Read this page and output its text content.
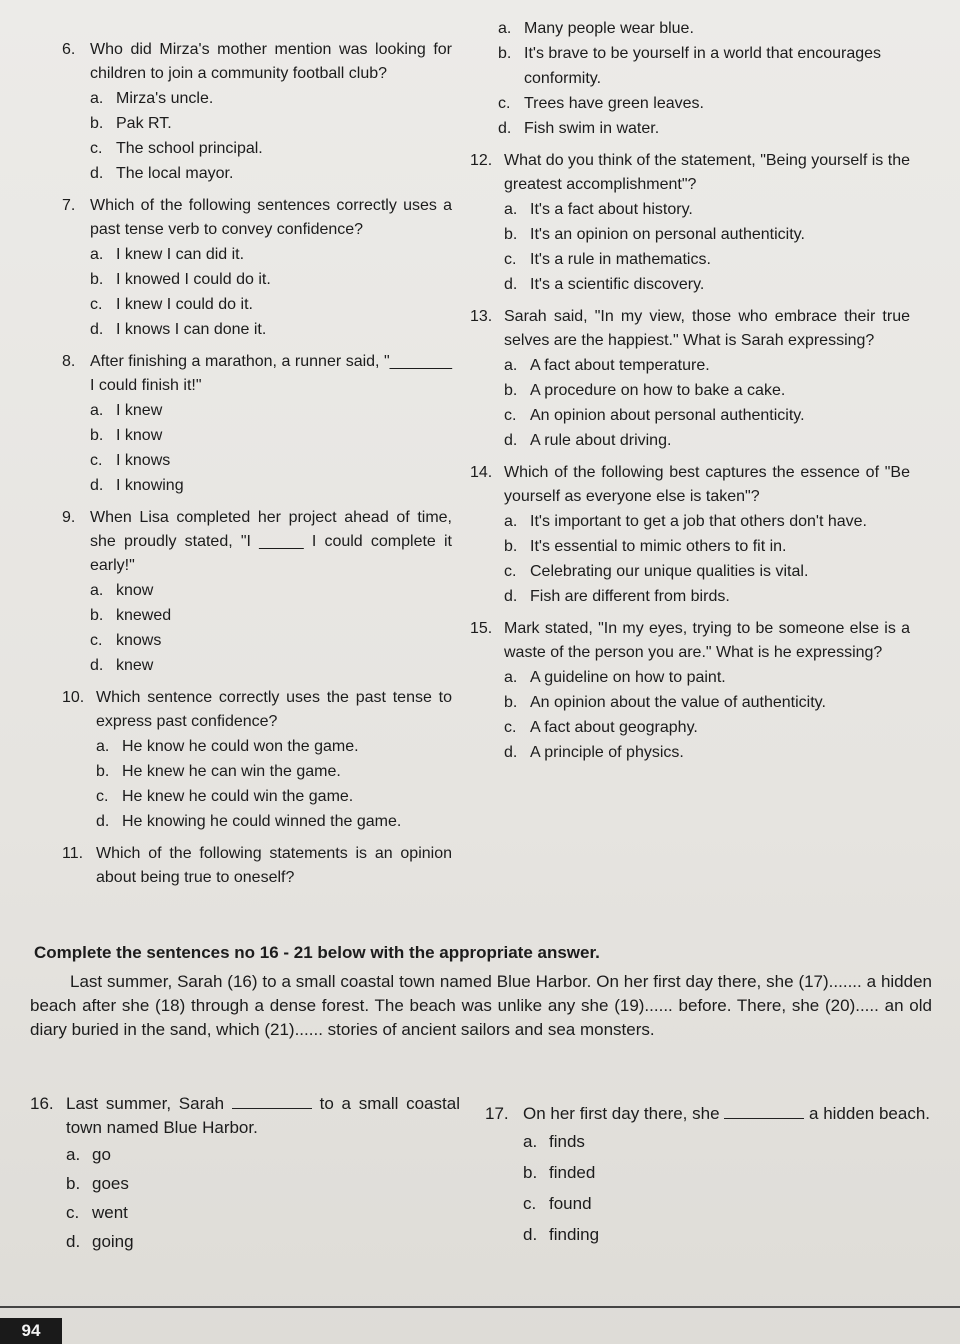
6. Who did Mirza's mother mention was looking for children to join a community football club?
a. Mirza's uncle.
b. Pak RT.
c. The school principal.
d. The local mayor.
7. Which of the following sentences correctly uses a past tense verb to convey confidence?
a. I knew I can did it.
b. I knowed I could do it.
c. I knew I could do it.
d. I knows I can done it.
8. After finishing a marathon, a runner said, "_______ I could finish it!"
a. I knew
b. I know
c. I knows
d. I knowing
9. When Lisa completed her project ahead of time, she proudly stated, "I _____ I could complete it early!"
a. know
b. knewed
c. knows
d. knew
10. Which sentence correctly uses the past tense to express past confidence?
a. He know he could won the game.
b. He knew he can win the game.
c. He knew he could win the game.
d. He knowing he could winned the game.
11. Which of the following statements is an opinion about being true to oneself?
a. Many people wear blue.
b. It's brave to be yourself in a world that encourages conformity.
c. Trees have green leaves.
d. Fish swim in water.
12. What do you think of the statement, "Being yourself is the greatest accomplishment"?
a. It's a fact about history.
b. It's an opinion on personal authenticity.
c. It's a rule in mathematics.
d. It's a scientific discovery.
13. Sarah said, "In my view, those who embrace their true selves are the happiest." What is Sarah expressing?
a. A fact about temperature.
b. A procedure on how to bake a cake.
c. An opinion about personal authenticity.
d. A rule about driving.
14. Which of the following best captures the essence of "Be yourself as everyone else is taken"?
a. It's important to get a job that others don't have.
b. It's essential to mimic others to fit in.
c. Celebrating our unique qualities is vital.
d. Fish are different from birds.
15. Mark stated, "In my eyes, trying to be someone else is a waste of the person you are." What is he expressing?
a. A guideline on how to paint.
b. An opinion about the value of authenticity.
c. A fact about geography.
d. A principle of physics.
Complete the sentences no 16 - 21 below with the appropriate answer.
Last summer, Sarah (16) to a small coastal town named Blue Harbor. On her first day there, she (17)....... a hidden beach after she (18) through a dense forest. The beach was unlike any she (19)...... before. There, she (20)..... an old diary buried in the sand, which (21)...... stories of ancient sailors and sea monsters.
16. Last summer, Sarah	to a small coastal town named Blue Harbor.
a. go
b. goes
c. went
d. going
17. On her first day there, she	a hidden beach.
a. finds
b. finded
c. found
d. finding
94
